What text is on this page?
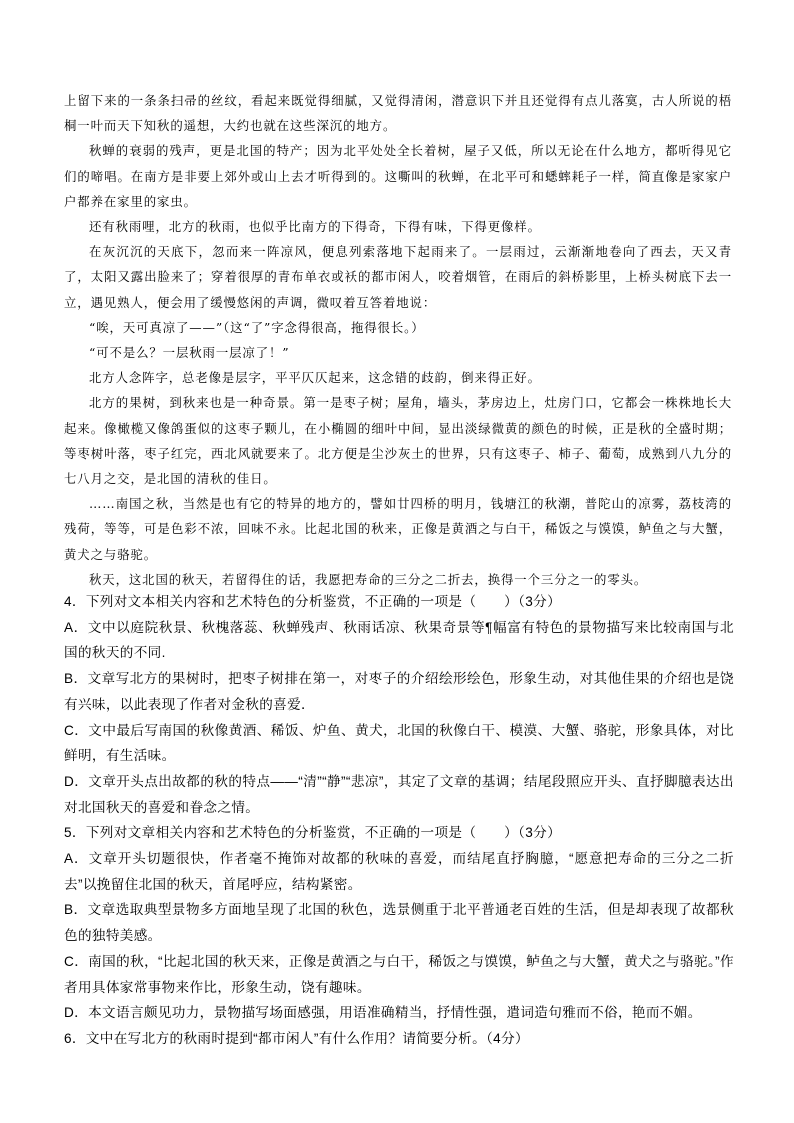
上留下来的一条条扫帚的丝纹，看起来既觉得细腻，又觉得清闲，潜意识下并且还觉得有点儿落寞，古人所说的梧桐一叶而天下知秋的遥想，大约也就在这些深沉的地方。

秋蝉的衰弱的残声，更是北国的特产；因为北平处处全长着树，屋子又低，所以无论在什么地方，都听得见它们的啼唱。在南方是非要上郊外或山上去才听得到的。这嘶叫的秋蝉，在北平可和蟋蟀耗子一样，简直像是家家户户都养在家里的家虫。

还有秋雨哩，北方的秋雨，也似乎比南方的下得奇，下得有味，下得更像样。

在灰沉沉的天底下，忽而来一阵凉风，便息列索落地下起雨来了。一层雨过，云渐渐地卷向了西去，天又青了，太阳又露出脸来了；穿着很厚的青布单衣或袄的都市闲人，咬着烟管，在雨后的斜桥影里，上桥头树底下去一立，遇见熟人，便会用了缓慢悠闲的声调，微叹着互答着地说：

“唉，天可真凉了——”（这“了”字念得很高，拖得很长。）

“可不是么？一层秋雨一层凉了！”

北方人念阵字，总老像是层字，平平仄仄起来，这念错的歧韵，倒来得正好。

北方的果树，到秋来也是一种奇景。第一是枣子树；屋角，墙头，茅房边上，灶房门口，它都会一株株地长大起来。像橄榄又像鸽蛋似的这枣子颗儿，在小椭圆的细叶中间，显出淡绿微黄的颜色的时候，正是秋的全盛时期；等枣树叶落，枣子红完，西北风就要来了。北方便是尘沙灰土的世界，只有这枣子、柿子、葡萄，成熟到八九分的七八月之交，是北国的清秋的佳日。

……南国之秋，当然是也有它的特异的地方的，譬如廿四桥的明月，钱塘江的秋潮，普陀山的凉雾，荔枝湾的残荷，等等，可是色彩不浓，回味不永。比起北国的秋来，正像是黄酒之与白干，稀饭之与馍馍，鲈鱼之与大蟹，黄犬之与骆驼。

秋天，这北国的秋天，若留得住的话，我愿把寿命的三分之二折去，换得一个三分之一的零头。

4．下列对文本相关内容和艺术特色的分析鉴赏，不正确的一项是（　　）（3分）

A．文中以庭院秋景、秋槐落蕊、秋蝉残声、秋雨话凉、秋果奇景等¶幅富有特色的景物描写来比较南国与北国的秋天的不同.

B．文章写北方的果树时，把枣子树排在第一，对枣子的介绍绘形绘色，形象生动，对其他佳果的介绍也是饶有兴味，以此表现了作者对金秋的喜爱．

C．文中最后写南国的秋像黄酒、稀饭、炉鱼、黄犬，北国的秋像白干、模漠、大蟹、骆驼，形象具体，对比鲜明，有生活味。

D．文章开头点出故都的秋的特点——“清”“静”“悲凉”，其定了文章的基调；结尾段照应开头、直抒脚臆表达出对北国秋天的喜爱和眷念之情。

5．下列对文章相关内容和艺术特色的分析鉴赏，不正确的一项是（　　）（3分）

A．文章开头切题很快，作者毫不掩饰对故都的秋味的喜爱，而结尾直抒胸臆，“愿意把寿命的三分之二折去”以挽留住北国的秋天，首尾呼应，结构紧密。

B．文章选取典型景物多方面地呈现了北国的秋色，选景侧重于北平普通老百姓的生活，但是却表现了故都秋色的独特美感。

C．南国的秋，“比起北国的秋天来，正像是黄酒之与白干，稀饭之与馍馍，鲈鱼之与大蟹，黄犬之与骆驼。”作者用具体家常事物来作比，形象生动，饶有趣味。

D．本文语言颇见功力，景物描写场面感强，用语准确精当，抒情性强，遣词造句雅而不俗，艳而不媚。

6．文中在写北方的秋雨时提到“都市闲人”有什么作用？请简要分析。（4分）
